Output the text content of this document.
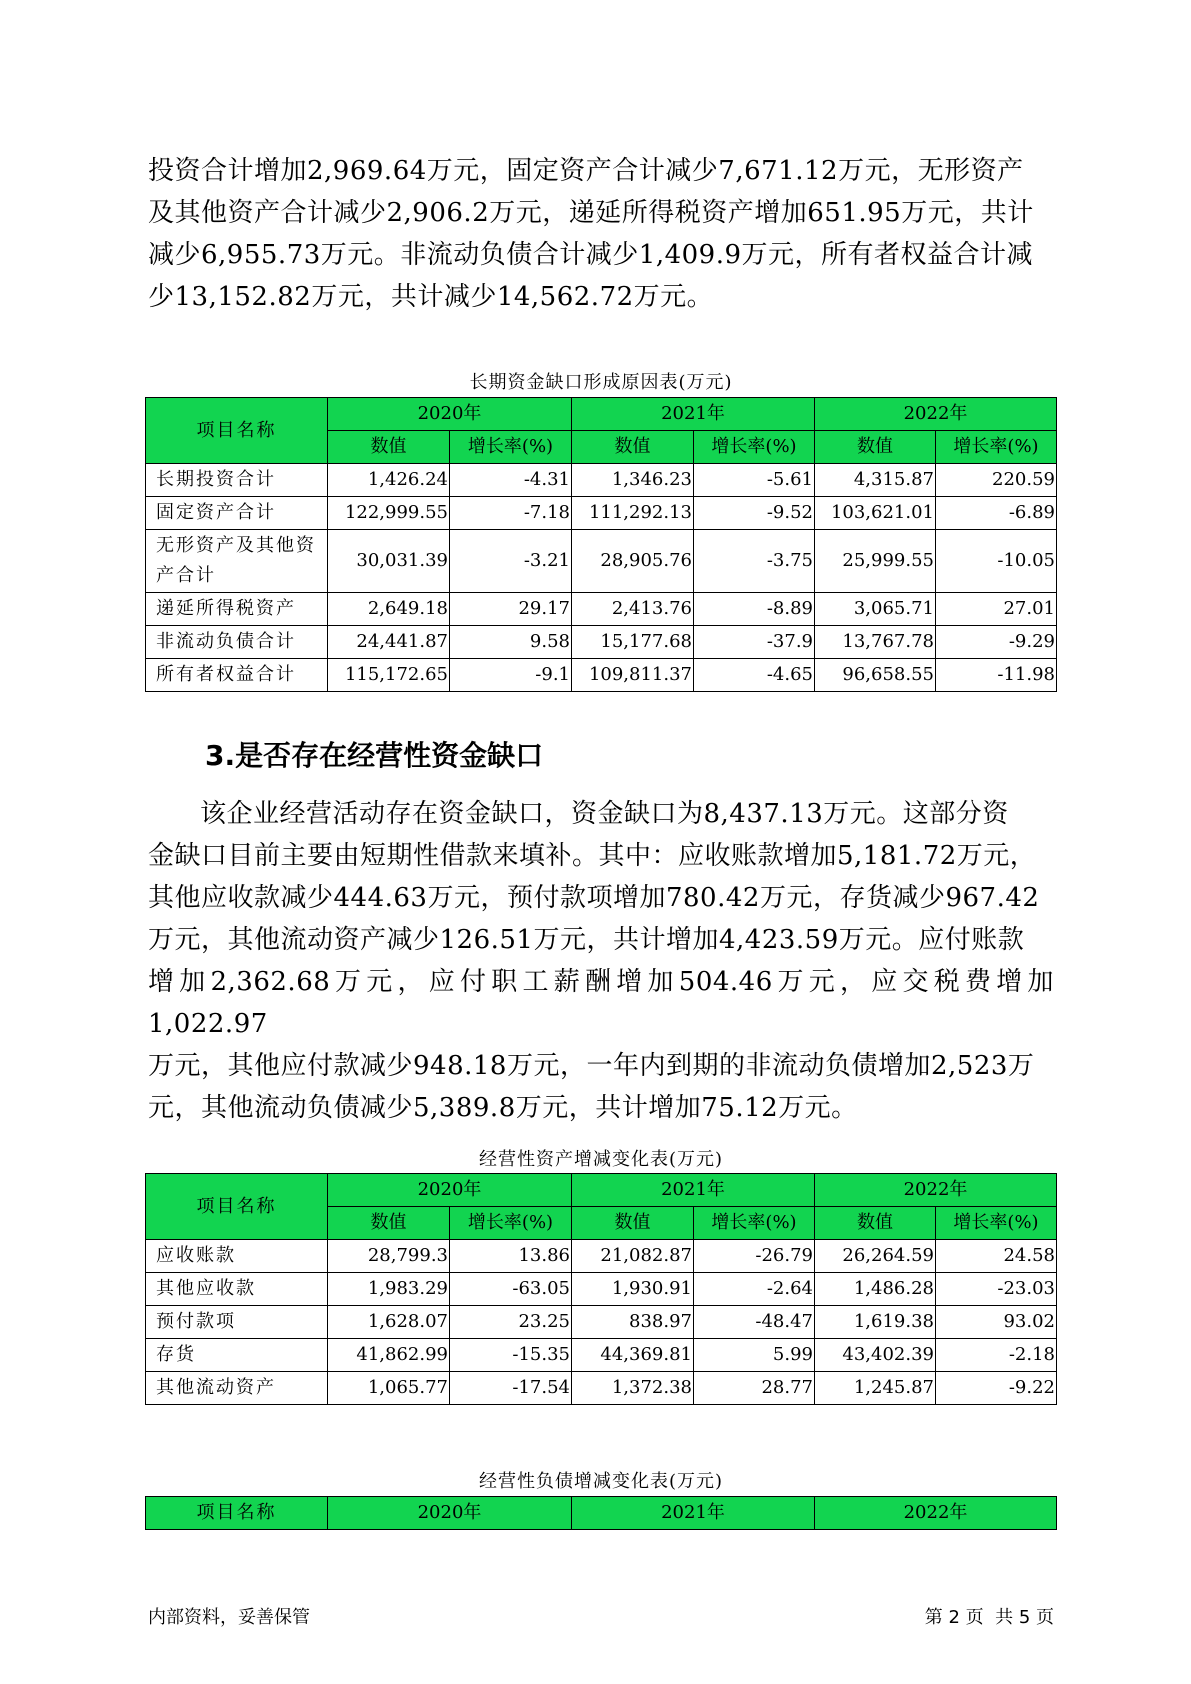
投资合计增加2,969.64万元，固定资产合计减少7,671.12万元，无形资产
及其他资产合计减少2,906.2万元，递延所得税资产增加651.95万元，共计
减少6,955.73万元。非流动负债合计减少1,409.9万元，所有者权益合计减
少13,152.82万元，共计减少14,562.72万元。
长期资金缺口形成原因表(万元)
项目名称	2020年		2021年		2022年	
	数值	增长率(%)	数值	增长率(%)	数值	增长率(%)
长期投资合计	1,426.24	-4.31	1,346.23	-5.61	4,315.87	220.59
固定资产合计	122,999.55	-7.18	111,292.13	-9.52	103,621.01	-6.89
无形资产及其他资产合计	30,031.39	-3.21	28,905.76	-3.75	25,999.55	-10.05
递延所得税资产	2,649.18	29.17	2,413.76	-8.89	3,065.71	27.01
非流动负债合计	24,441.87	9.58	15,177.68	-37.9	13,767.78	-9.29
所有者权益合计	115,172.65	-9.1	109,811.37	-4.65	96,658.55	-11.98
3.是否存在经营性资金缺口
该企业经营活动存在资金缺口，资金缺口为8,437.13万元。这部分资
金缺口目前主要由短期性借款来填补。其中：应收账款增加5,181.72万元，
其他应收款减少444.63万元，预付款项增加780.42万元，存货减少967.42
万元，其他流动资产减少126.51万元，共计增加4,423.59万元。应付账款
增加2,362.68万元，应付职工薪酬增加504.46万元，应交税费增加1,022.97
万元，其他应付款减少948.18万元，一年内到期的非流动负债增加2,523万
元，其他流动负债减少5,389.8万元，共计增加75.12万元。
经营性资产增减变化表(万元)
项目名称	2020年		2021年		2022年	
	数值	增长率(%)	数值	增长率(%)	数值	增长率(%)
应收账款	28,799.3	13.86	21,082.87	-26.79	26,264.59	24.58
其他应收款	1,983.29	-63.05	1,930.91	-2.64	1,486.28	-23.03
预付款项	1,628.07	23.25	838.97	-48.47	1,619.38	93.02
存货	41,862.99	-15.35	44,369.81	5.99	43,402.39	-2.18
其他流动资产	1,065.77	-17.54	1,372.38	28.77	1,245.87	-9.22
经营性负债增减变化表(万元)
项目名称	2020年	2021年	2022年
内部资料，妥善保管	第 2 页  共 5 页
